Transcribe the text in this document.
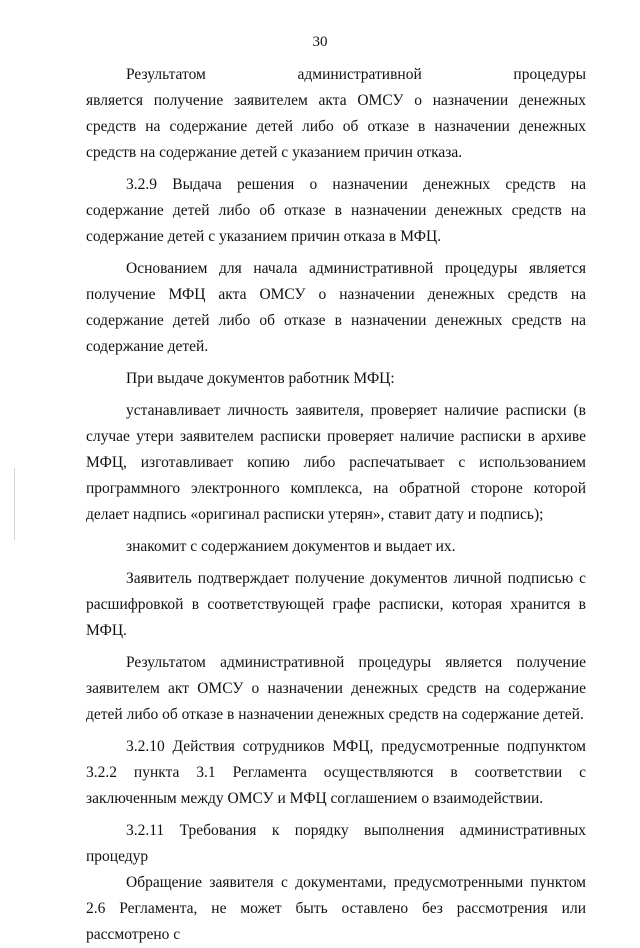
30

Результатом административной процедуры

является получение заявителем акта ОМСУ о назначении денежных средств на содержание детей либо об отказе в назначении денежных средств на содержание детей с указанием причин отказа.

3.2.9 Выдача решения о назначении денежных средств на содержание детей либо об отказе в назначении денежных средств на содержание детей с указанием причин отказа в МФЦ.

Основанием для начала административной процедуры является получение МФЦ акта ОМСУ о назначении денежных средств на содержание детей либо об отказе в назначении денежных средств на содержание детей.

При выдаче документов работник МФЦ:

устанавливает личность заявителя, проверяет наличие расписки (в случае утери заявителем расписки проверяет наличие расписки в архиве МФЦ, изготавливает копию либо распечатывает с использованием программного электронного комплекса, на обратной стороне которой делает надпись «оригинал расписки утерян», ставит дату и подпись);

знакомит с содержанием документов и выдает их.

Заявитель подтверждает получение документов личной подписью с расшифровкой в соответствующей графе расписки, которая хранится в МФЦ.

Результатом административной процедуры является получение заявителем акт ОМСУ о назначении денежных средств на содержание детей либо об отказе в назначении денежных средств на содержание детей.

3.2.10 Действия сотрудников МФЦ, предусмотренные подпунктом 3.2.2 пункта 3.1 Регламента осуществляются в соответствии с заключенным между ОМСУ и МФЦ соглашением о взаимодействии.

3.2.11 Требования к порядку выполнения административных процедур

Обращение заявителя с документами, предусмотренными пунктом 2.6 Регламента, не может быть оставлено без рассмотрения или рассмотрено с
